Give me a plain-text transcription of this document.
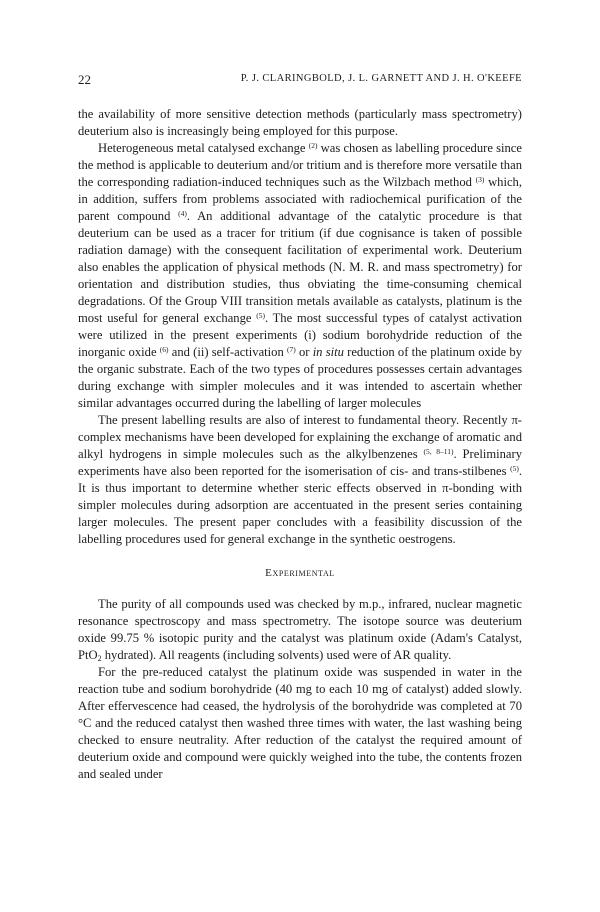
22	P. J. CLARINGBOLD, J. L. GARNETT AND J. H. O'KEEFE

the availability of more sensitive detection methods (particularly mass spectrometry) deuterium also is increasingly being employed for this purpose.

Heterogeneous metal catalysed exchange $^{(2)}$ was chosen as labelling procedure since the method is applicable to deuterium and/or tritium and is therefore more versatile than the corresponding radiation-induced techniques such as the Wilzbach method $^{(3)}$ which, in addition, suffers from problems associated with radiochemical purification of the parent compound $^{(4)}$. An additional advantage of the catalytic procedure is that deuterium can be used as a tracer for tritium (if due cognisance is taken of possible radiation damage) with the consequent facilitation of experimental work. Deuterium also enables the application of physical methods (N. M. R. and mass spectrometry) for orientation and distribution studies, thus obviating the time-consuming chemical degradations. Of the Group VIII transition metals available as catalysts, platinum is the most useful for general exchange $^{(5)}$. The most successful types of catalyst activation were utilized in the present experiments (i) sodium borohydride reduction of the inorganic oxide $^{(6)}$ and (ii) self-activation $^{(7)}$ or in situ reduction of the platinum oxide by the organic substrate. Each of the two types of procedures possesses certain advantages during exchange with simpler molecules and it was intended to ascertain whether similar advantages occurred during the labelling of larger molecules

The present labelling results are also of interest to fundamental theory. Recently π-complex mechanisms have been developed for explaining the exchange of aromatic and alkyl hydrogens in simple molecules such as the alkylbenzenes $^{(5, 8-11)}$. Preliminary experiments have also been reported for the isomerisation of cis- and trans-stilbenes $^{(5)}$. It is thus important to determine whether steric effects observed in π-bonding with simpler molecules during adsorption are accentuated in the present series containing larger molecules. The present paper concludes with a feasibility discussion of the labelling procedures used for general exchange in the synthetic oestrogens.

Experimental

The purity of all compounds used was checked by m.p., infrared, nuclear magnetic resonance spectroscopy and mass spectrometry. The isotope source was deuterium oxide 99.75 % isotopic purity and the catalyst was platinum oxide (Adam's Catalyst, PtO$_2$ hydrated). All reagents (including solvents) used were of AR quality.

For the pre-reduced catalyst the platinum oxide was suspended in water in the reaction tube and sodium borohydride (40 mg to each 10 mg of catalyst) added slowly. After effervescence had ceased, the hydrolysis of the borohydride was completed at 70 °C and the reduced catalyst then washed three times with water, the last washing being checked to ensure neutrality. After reduction of the catalyst the required amount of deuterium oxide and compound were quickly weighed into the tube, the contents frozen and sealed under
